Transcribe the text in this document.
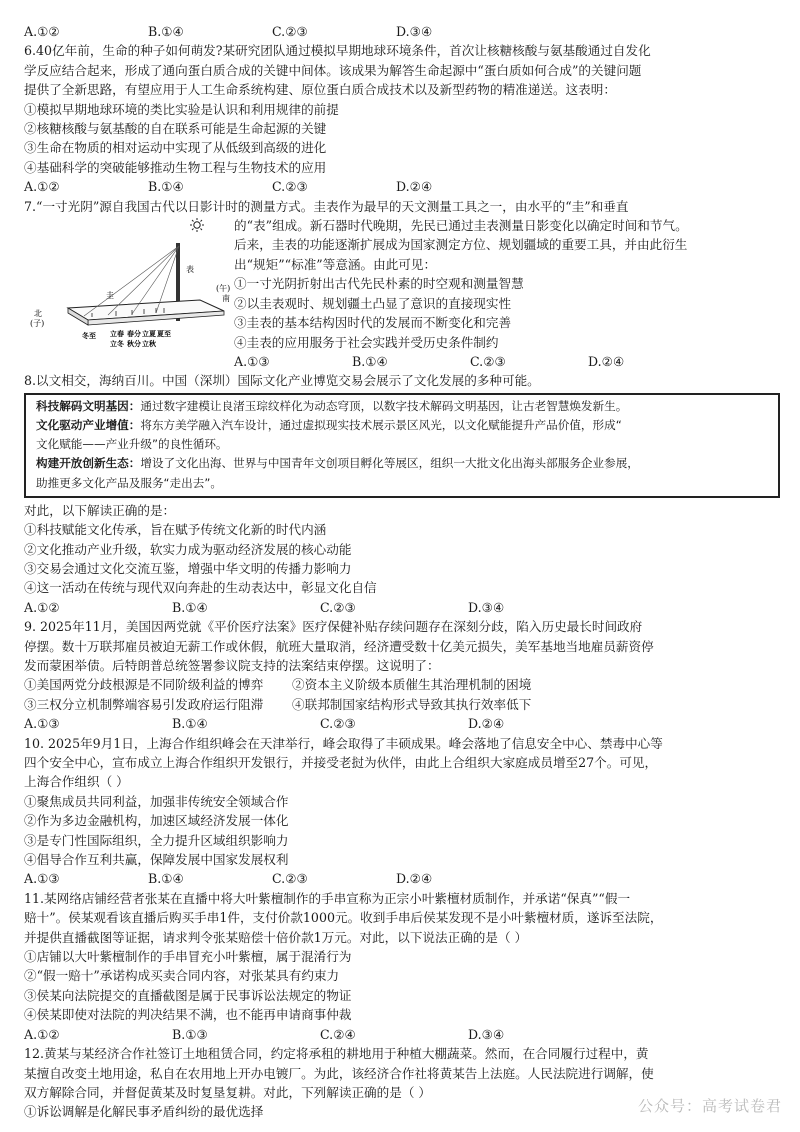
A.①②	B.①④	C.②③	D.③④
6.40亿年前，生命的种子如何萌发?某研究团队通过模拟早期地球环境条件，首次让核糖核酸与氨基酸通过自发化
学反应结合起来，形成了通向蛋白质合成的关键中间体。该成果为解答生命起源中“蛋白质如何合成”的关键问题
提供了全新思路，有望应用于人工生命系统构建、原位蛋白质合成技术以及新型药物的精准递送。这表明：
①模拟早期地球环境的类比实验是认识和利用规律的前提
②核糖核酸与氨基酸的自在联系可能是生命起源的关键
③生命在物质的相对运动中实现了从低级到高级的进化
④基础科学的突破能够推动生物工程与生物技术的应用
A.①②	B.①④	C.②③	D.②④
7.“一寸光阴”源自我国古代以日影计时的测量方式。圭表作为最早的天文测量工具之一，由水平的“圭”和垂直
圭
表
北
(子)
南
(午)
冬至 立春 春分 立夏 夏至
立冬 秋分 立秋
的“表”组成。新石器时代晚期，先民已通过圭表测量日影变化以确定时间和节气。
后来，圭表的功能逐渐扩展成为国家测定方位、规划疆域的重要工具，并由此衍生
出“规矩”“标准”等意涵。由此可见：
①一寸光阴折射出古代先民朴素的时空观和测量智慧
②以圭表观时、规划疆土凸显了意识的直接现实性
③圭表的基本结构因时代的发展而不断变化和完善
④圭表的应用服务于社会实践并受历史条件制约
A.①③	B.①④	C.②③	D.②④
8.以文相交，海纳百川。中国（深圳）国际文化产业博览交易会展示了文化发展的多种可能。
科技解码文明基因：通过数字建模让良渚玉琮纹样化为动态穹顶，以数字技术解码文明基因，让古老智慧焕发新生。
文化驱动产业增值：将东方美学融入汽车设计，通过虚拟现实技术展示景区风光，以文化赋能提升产品价值，形成“
文化赋能——产业升级”的良性循环。
构建开放创新生态：增设了文化出海、世界与中国青年文创项目孵化等展区，组织一大批文化出海头部服务企业参展，
助推更多文化产品及服务“走出去”。
对此，以下解读正确的是：
①科技赋能文化传承，旨在赋予传统文化新的时代内涵
②文化推动产业升级，软实力成为驱动经济发展的核心动能
③交易会通过文化交流互鉴，增强中华文明的传播力影响力
④这一活动在传统与现代双向奔赴的生动表达中，彰显文化自信
A.①②	B.①④	C.②③	D.③④
9. 2025年11月，美国因两党就《平价医疗法案》医疗保健补贴存续问题存在深刻分歧，陷入历史最长时间政府
停摆。数十万联邦雇员被迫无薪工作或休假，航班大量取消，经济遭受数十亿美元损失，美军基地当地雇员薪资停
发而蒙困举债。后特朗普总统签署参议院支持的法案结束停摆。这说明了：
①美国两党分歧根源是不同阶级利益的博弈	②资本主义阶级本质催生其治理机制的困境
③三权分立机制弊端容易引发政府运行阻滞	④联邦制国家结构形式导致其执行效率低下
A.①③	B.①④	C.②③	D.②④
10. 2025年9月1日，上海合作组织峰会在天津举行，峰会取得了丰硕成果。峰会落地了信息安全中心、禁毒中心等
四个安全中心，宣布成立上海合作组织开发银行，并接受老挝为伙伴，由此上合组织大家庭成员增至27个。可见，
上海合作组织（ ）
①聚焦成员共同利益，加强非传统安全领域合作
②作为多边金融机构，加速区域经济发展一体化
③是专门性国际组织，全力提升区域组织影响力
④倡导合作互利共赢，保障发展中国家发展权利
A.①③	B.①④	C.②③	D.②④
11.某网络店铺经营者张某在直播中将大叶紫檀制作的手串宣称为正宗小叶紫檀材质制作，并承诺“保真”“假一
赔十”。侯某观看该直播后购买手串1件，支付价款1000元。收到手串后侯某发现不是小叶紫檀材质，遂诉至法院，
并提供直播截图等证据，请求判令张某赔偿十倍价款1万元。对此，以下说法正确的是（ ）
①店铺以大叶紫檀制作的手串冒充小叶紫檀，属于混淆行为
②“假一赔十”承诺构成买卖合同内容，对张某具有约束力
③侯某向法院提交的直播截图是属于民事诉讼法规定的物证
④侯某即使对法院的判决结果不满，也不能再申请商事仲裁
A.①②	B.①③	C.②④	D.③④
12.黄某与某经济合作社签订土地租赁合同，约定将承租的耕地用于种植大棚蔬菜。然而，在合同履行过程中，黄
某擅自改变土地用途，私自在农用地上开办电镀厂。为此，该经济合作社将黄某告上法庭。人民法院进行调解，使
双方解除合同，并督促黄某及时复垦复耕。对此，下列解读正确的是（ ）
①诉讼调解是化解民事矛盾纠纷的最优选择	公众号：高考试卷君
